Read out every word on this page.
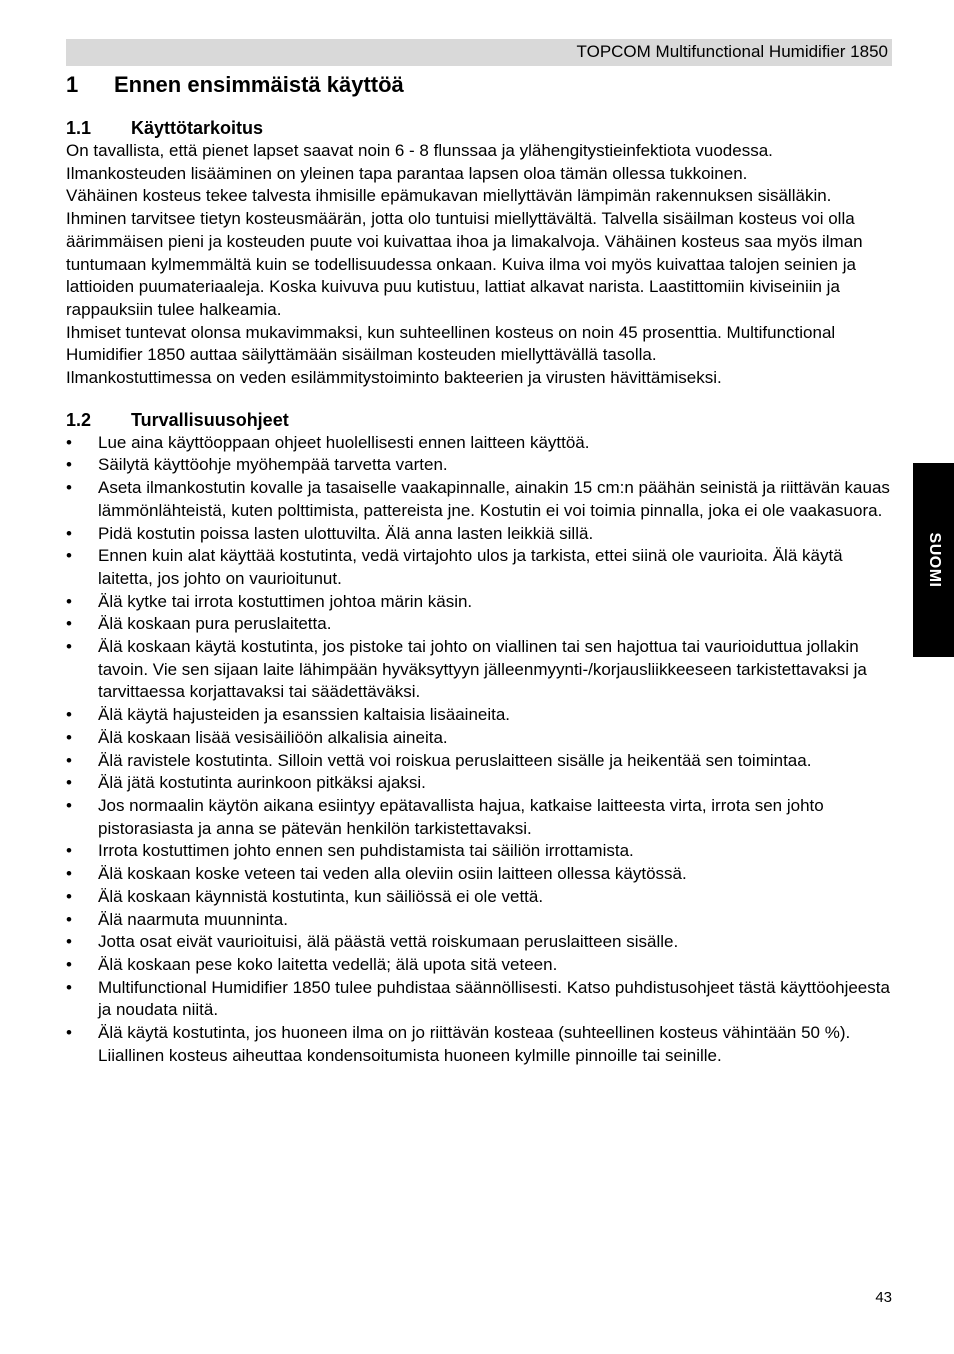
TOPCOM Multifunctional Humidifier 1850
1	Ennen ensimmäistä käyttöä
1.1	Käyttötarkoitus

On tavallista, että pienet lapset saavat noin 6 - 8 flunssaa ja ylähengitystieinfektiota vuodessa. Ilmankosteuden lisääminen on yleinen tapa parantaa lapsen oloa tämän ollessa tukkoinen.

Vähäinen kosteus tekee talvesta ihmisille epämukavan miellyttävän lämpimän rakennuksen sisälläkin. Ihminen tarvitsee tietyn kosteusmäärän, jotta olo tuntuisi miellyttävältä. Talvella sisäilman kosteus voi olla äärimmäisen pieni ja kosteuden puute voi kuivattaa ihoa ja limakalvoja. Vähäinen kosteus saa myös ilman tuntumaan kylmemmältä kuin se todellisuudessa onkaan. Kuiva ilma voi myös kuivattaa talojen seinien ja lattioiden puumateriaaleja. Koska kuivuva puu kutistuu, lattiat alkavat narista. Laastittomiin kiviseiniin ja rappauksiin tulee halkeamia.

Ihmiset tuntevat olonsa mukavimmaksi, kun suhteellinen kosteus on noin 45 prosenttia. Multifunctional Humidifier 1850 auttaa säilyttämään sisäilman kosteuden miellyttävällä tasolla.

Ilmankostuttimessa on veden esilämmitystoiminto bakteerien ja virusten hävittämiseksi.

1.2	Turvallisuusohjeet
• Lue aina käyttöoppaan ohjeet huolellisesti ennen laitteen käyttöä.
• Säilytä käyttöohje myöhempää tarvetta varten.
• Aseta ilmankostutin kovalle ja tasaiselle vaakapinnalle, ainakin 15 cm:n päähän seinistä ja riittävän kauas lämmönlähteistä, kuten polttimista, pattereista jne. Kostutin ei voi toimia pinnalla, joka ei ole vaakasuora.
• Pidä kostutin poissa lasten ulottuvilta. Älä anna lasten leikkiä sillä.
• Ennen kuin alat käyttää kostutinta, vedä virtajohto ulos ja tarkista, ettei siinä ole vaurioita. Älä käytä laitetta, jos johto on vaurioitunut.
• Älä kytke tai irrota kostuttimen johtoa märin käsin.
• Älä koskaan pura peruslaitetta.
• Älä koskaan käytä kostutinta, jos pistoke tai johto on viallinen tai sen hajottua tai vaurioiduttua jollakin tavoin. Vie sen sijaan laite lähimpään hyväksyttyyn jälleenmyynti-/korjausliikkeeseen tarkistettavaksi ja tarvittaessa korjattavaksi tai säädettäväksi.
• Älä käytä hajusteiden ja esanssien kaltaisia lisäaineita.
• Älä koskaan lisää vesisäiliöön alkalisia aineita.
• Älä ravistele kostutinta. Silloin vettä voi roiskua peruslaitteen sisälle ja heikentää sen toimintaa.
• Älä jätä kostutinta aurinkoon pitkäksi ajaksi.
• Jos normaalin käytön aikana esiintyy epätavallista hajua, katkaise laitteesta virta, irrota sen johto pistorasiasta ja anna se pätevän henkilön tarkistettavaksi.
• Irrota kostuttimen johto ennen sen puhdistamista tai säiliön irrottamista.
• Älä koskaan koske veteen tai veden alla oleviin osiin laitteen ollessa käytössä.
• Älä koskaan käynnistä kostutinta, kun säiliössä ei ole vettä.
• Älä naarmuta muunninta.
• Jotta osat eivät vaurioituisi, älä päästä vettä roiskumaan peruslaitteen sisälle.
• Älä koskaan pese koko laitetta vedellä; älä upota sitä veteen.
• Multifunctional Humidifier 1850 tulee puhdistaa säännöllisesti. Katso puhdistusohjeet tästä käyttöohjeesta ja noudata niitä.
• Älä käytä kostutinta, jos huoneen ilma on jo riittävän kosteaa (suhteellinen kosteus vähintään 50 %). Liiallinen kosteus aiheuttaa kondensoitumista huoneen kylmille pinnoille tai seinille.
SUOMI
43
